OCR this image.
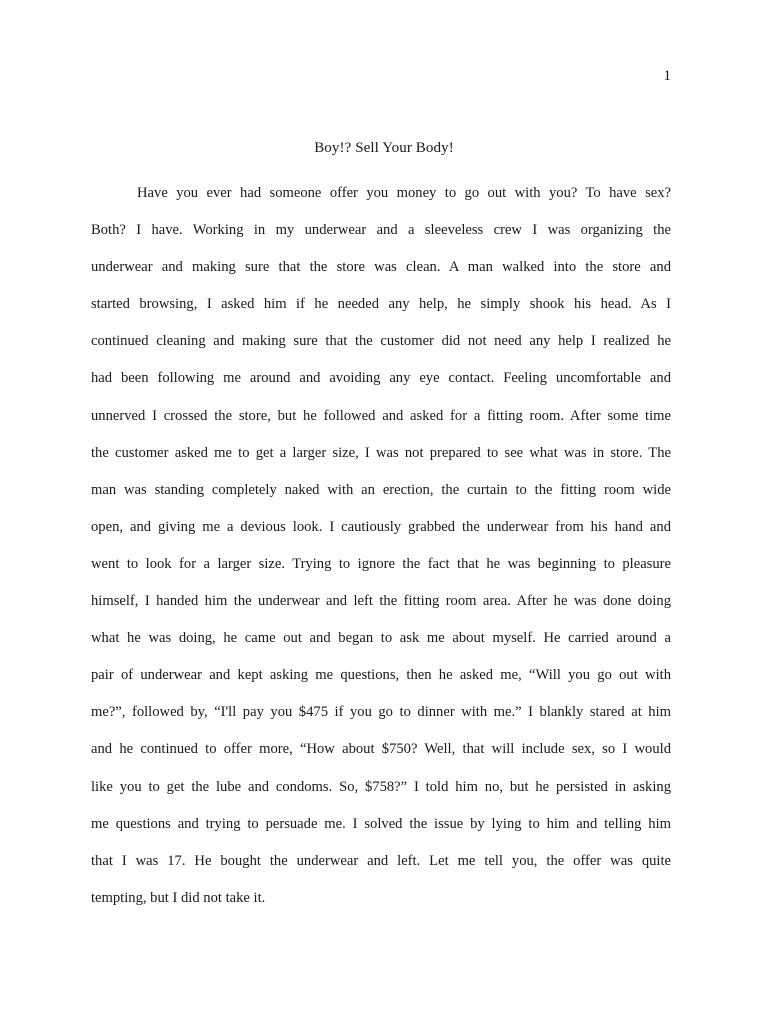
1
Boy!? Sell Your Body!
Have you ever had someone offer you money to go out with you? To have sex?
Both? I have. Working in my underwear and a sleeveless crew I was organizing the
underwear and making sure that the store was clean. A man walked into the store and
started browsing, I asked him if he needed any help, he simply shook his head. As I
continued cleaning and making sure that the customer did not need any help I realized he
had been following me around and avoiding any eye contact. Feeling uncomfortable and
unnerved I crossed the store, but he followed and asked for a fitting room. After some time
the customer asked me to get a larger size, I was not prepared to see what was in store. The
man was standing completely naked with an erection, the curtain to the fitting room wide
open, and giving me a devious look. I cautiously grabbed the underwear from his hand and
went to look for a larger size. Trying to ignore the fact that he was beginning to pleasure
himself, I handed him the underwear and left the fitting room area. After he was done doing
what he was doing, he came out and began to ask me about myself. He carried around a
pair of underwear and kept asking me questions, then he asked me, “Will you go out with
me?”, followed by, “I'll pay you $475 if you go to dinner with me.” I blankly stared at him
and he continued to offer more, “How about $750? Well, that will include sex, so I would
like you to get the lube and condoms. So, $758?” I told him no, but he persisted in asking
me questions and trying to persuade me. I solved the issue by lying to him and telling him
that I was 17. He bought the underwear and left. Let me tell you, the offer was quite
tempting, but I did not take it.
